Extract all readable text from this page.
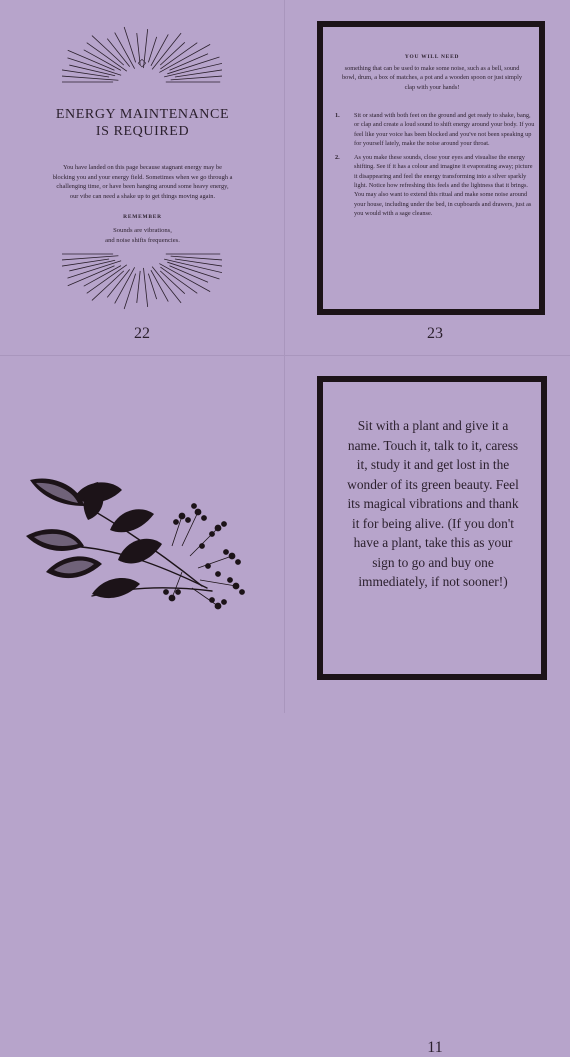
◇
ENERGY MAINTENANCE
IS REQUIRED
You have landed on this page because stagnant energy may be blocking you and your energy field. Sometimes when we go through a challenging time, or have been hanging around some heavy energy, our vibe can need a shake up to get things moving again.
REMEMBER
Sounds are vibrations,
and noise shifts frequencies.
22
YOU WILL NEED
something that can be used to make some noise, such as a bell, sound bowl, drum, a box of matches, a pot and a wooden spoon or just simply clap with your hands!
1. Sit or stand with both feet on the ground and get ready to shake, bang, or clap and create a loud sound to shift energy around your body. If you feel like your voice has been blocked and you've not been speaking up for yourself lately, make the noise around your throat.
2. As you make these sounds, close your eyes and visualise the energy shifting. See if it has a colour and imagine it evaporating away; picture it disappearing and feel the energy transforming into a silver sparkly light. Notice how refreshing this feels and the lightness that it brings. You may also want to extend this ritual and make some noise around your house, including under the bed, in cupboards and drawers, just as you would with a sage cleanse.
23
Sit with a plant and give it a name. Touch it, talk to it, caress it, study it and get lost in the wonder of its green beauty. Feel its magical vibrations and thank it for being alive. (If you don't have a plant, take this as your sign to go and buy one immediately, if not sooner!)
11
